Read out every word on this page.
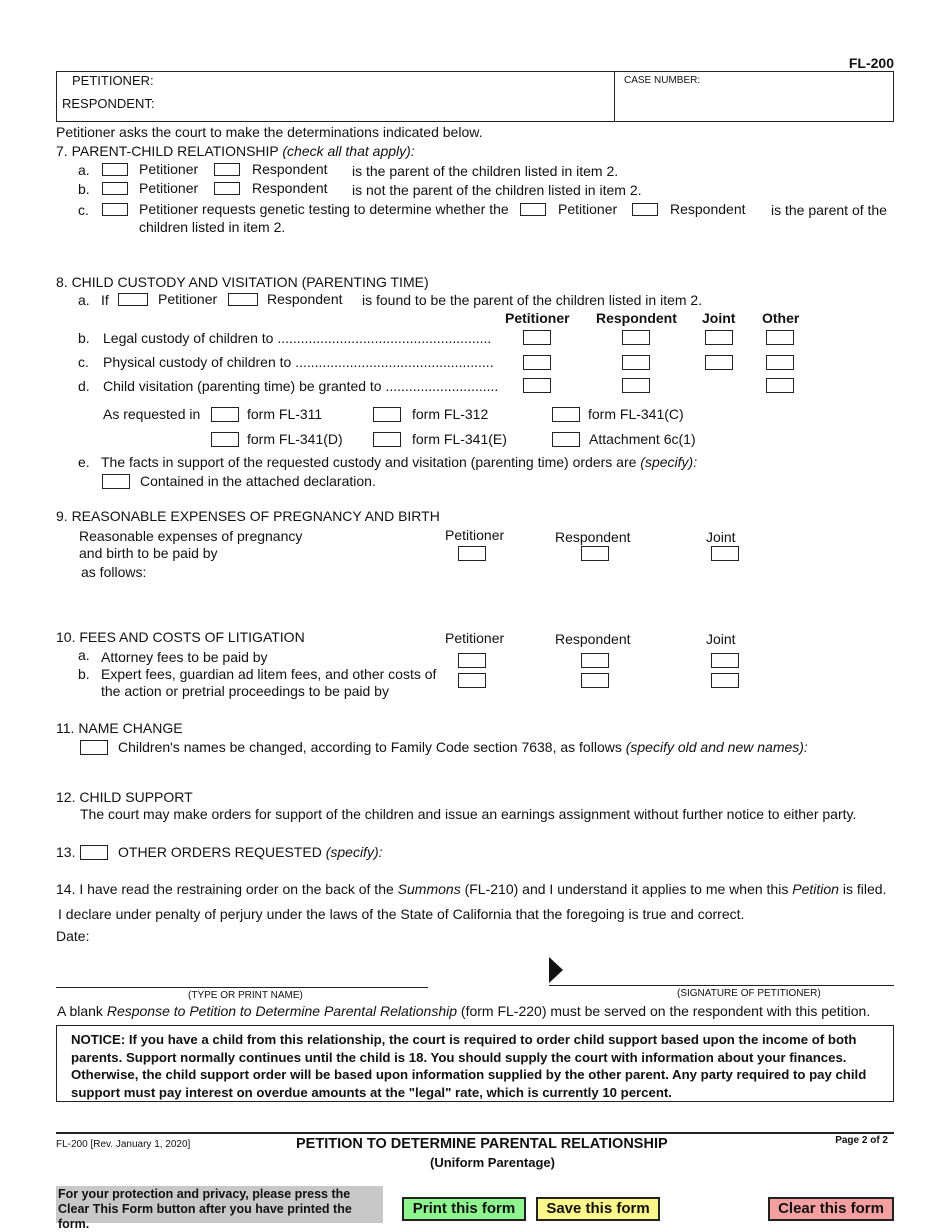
FL-200
PETITIONER:
RESPONDENT:
CASE NUMBER:
Petitioner asks the court to make the determinations indicated below.
7. PARENT-CHILD RELATIONSHIP (check all that apply):
a.	Petitioner	Respondent is the parent of the children listed in item 2.
b.	Petitioner	Respondent is not the parent of the children listed in item 2.
c.	Petitioner requests genetic testing to determine whether the	Petitioner	Respondent is the parent of the
children listed in item 2.
8. CHILD CUSTODY AND VISITATION (PARENTING TIME)
a. If	Petitioner	Respondent is found to be the parent of the children listed in item 2.
Petitioner Respondent Joint Other
b. Legal custody of children to .......................................................
c. Physical custody of children to ...................................................
d. Child visitation (parenting time) be granted to .............................
As requested in	form FL-311	form FL-312	form FL-341(C)
form FL-341(D)	form FL-341(E)	Attachment 6c(1)
e. The facts in support of the requested custody and visitation (parenting time) orders are (specify):
Contained in the attached declaration.
9. REASONABLE EXPENSES OF PREGNANCY AND BIRTH
Reasonable expenses of pregnancy
and birth to be paid by
as follows:
Petitioner	Respondent	Joint
10. FEES AND COSTS OF LITIGATION	Petitioner	Respondent	Joint
a. Attorney fees to be paid by
b. Expert fees, guardian ad litem fees, and other costs of
the action or pretrial proceedings to be paid by
11. NAME CHANGE
Children's names be changed, according to Family Code section 7638, as follows (specify old and new names):
12. CHILD SUPPORT
The court may make orders for support of the children and issue an earnings assignment without further notice to either party.
13.	OTHER ORDERS REQUESTED (specify):
14. I have read the restraining order on the back of the Summons (FL-210) and I understand it applies to me when this Petition is filed.
I declare under penalty of perjury under the laws of the State of California that the foregoing is true and correct.
Date:
(TYPE OR PRINT NAME)	(SIGNATURE OF PETITIONER)
A blank Response to Petition to Determine Parental Relationship (form FL-220) must be served on the respondent with this petition.
NOTICE: If you have a child from this relationship, the court is required to order child support based upon the income of both parents. Support normally continues until the child is 18. You should supply the court with information about your finances. Otherwise, the child support order will be based upon information supplied by the other parent. Any party required to pay child support must pay interest on overdue amounts at the "legal" rate, which is currently 10 percent.
FL-200 [Rev. January 1, 2020]	PETITION TO DETERMINE PARENTAL RELATIONSHIP
(Uniform Parentage)
Page 2 of 2
For your protection and privacy, please press the Clear This Form button after you have printed the form.
Print this form	Save this form	Clear this form
